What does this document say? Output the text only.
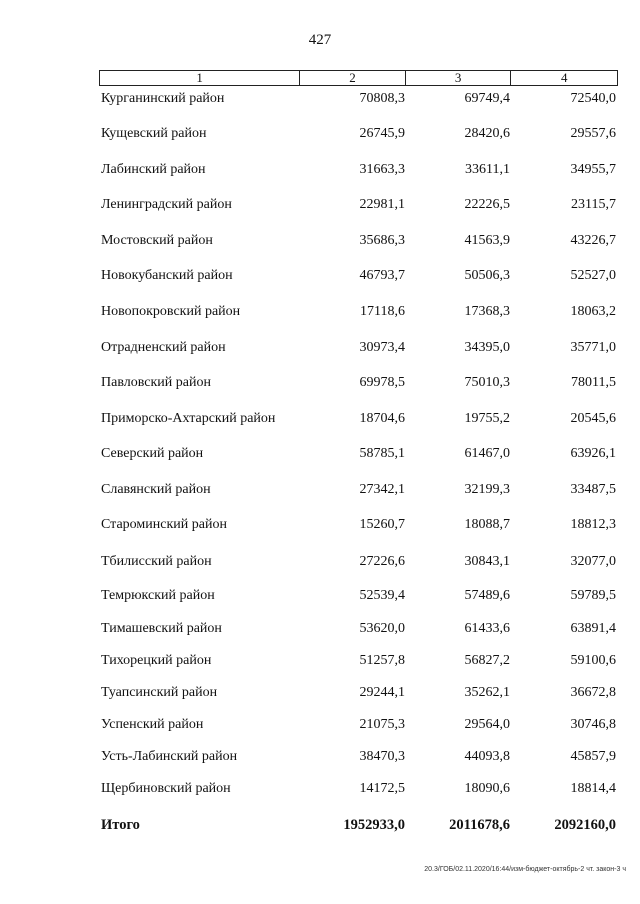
427
1	2	3	4
Курганинский район	70808,3	69749,4	72540,0
Кущевский район	26745,9	28420,6	29557,6
Лабинский район	31663,3	33611,1	34955,7
Ленинградский район	22981,1	22226,5	23115,7
Мостовский район	35686,3	41563,9	43226,7
Новокубанский район	46793,7	50506,3	52527,0
Новопокровский район	17118,6	17368,3	18063,2
Отрадненский район	30973,4	34395,0	35771,0
Павловский район	69978,5	75010,3	78011,5
Приморско-Ахтарский район	18704,6	19755,2	20545,6
Северский район	58785,1	61467,0	63926,1
Славянский район	27342,1	32199,3	33487,5
Староминский район	15260,7	18088,7	18812,3
Тбилисский район	27226,6	30843,1	32077,0
Темрюкский район	52539,4	57489,6	59789,5
Тимашевский район	53620,0	61433,6	63891,4
Тихорецкий район	51257,8	56827,2	59100,6
Туапсинский район	29244,1	35262,1	36672,8
Успенский район	21075,3	29564,0	30746,8
Усть-Лабинский район	38470,3	44093,8	45857,9
Щербиновский район	14172,5	18090,6	18814,4
Итого	1952933,0	2011678,6	2092160,0
20.3/ГОБ/02.11.2020/16:44/изм-бюджет-октябрь-2 чт. закон-3 ч
